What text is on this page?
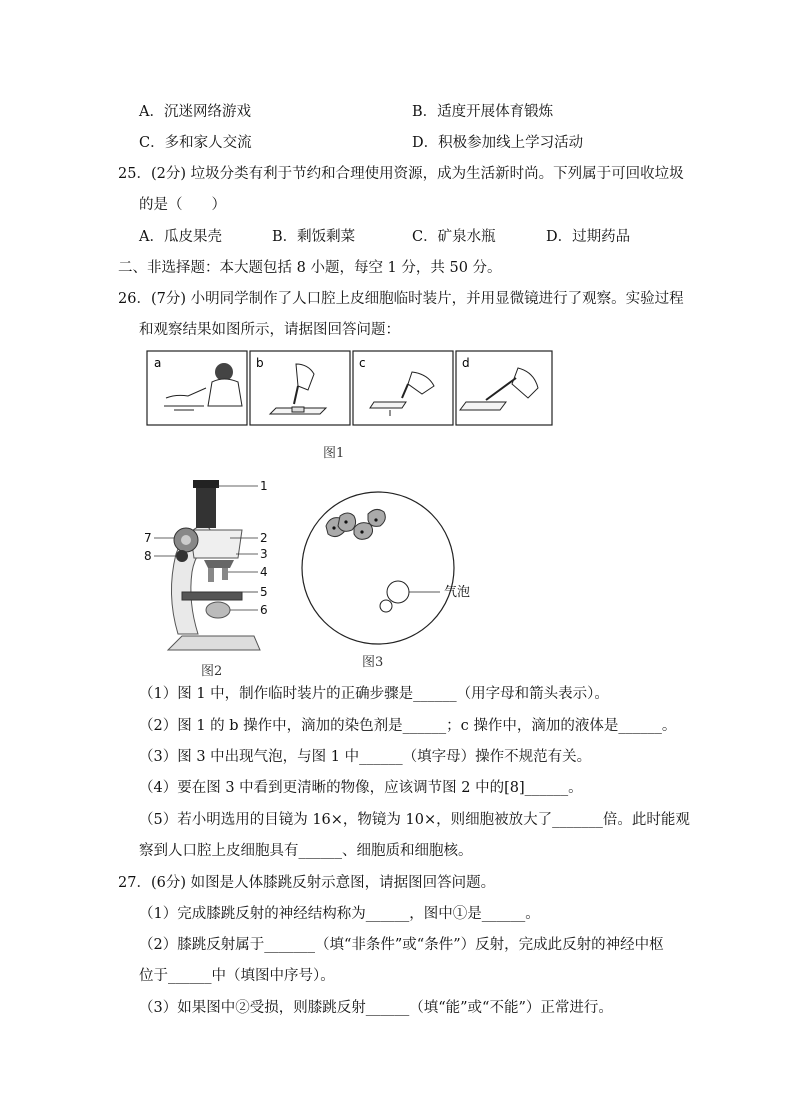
A．沉迷网络游戏	B．适度开展体育锻炼
C．多和家人交流	D．积极参加线上学习活动
25．(2分) 垃圾分类有利于节约和合理使用资源，成为生活新时尚。下列属于可回收垃圾
的是（　　）
A．瓜皮果壳	B．剩饭剩菜	C．矿泉水瓶	D．过期药品
二、非选择题：本大题包括 8 小题，每空 1 分，共 50 分。
26．(7分) 小明同学制作了人口腔上皮细胞临时装片，并用显微镜进行了观察。实验过程
和观察结果如图所示，请据图回答问题：
a	b	c	d
图1
1
2
3
4
5
6
7
8
图2
气泡
图3
（1）图 1 中，制作临时装片的正确步骤是______（用字母和箭头表示）。
（2）图 1 的 b 操作中，滴加的染色剂是______；c 操作中，滴加的液体是______。
（3）图 3 中出现气泡，与图 1 中______（填字母）操作不规范有关。
（4）要在图 3 中看到更清晰的物像，应该调节图 2 中的[8]______。
（5）若小明选用的目镜为 16×，物镜为 10×，则细胞被放大了_______倍。此时能观
察到人口腔上皮细胞具有______、细胞质和细胞核。
27．(6分) 如图是人体膝跳反射示意图，请据图回答问题。
（1）完成膝跳反射的神经结构称为______，图中①是______。
（2）膝跳反射属于_______（填“非条件”或“条件”）反射，完成此反射的神经中枢
位于______中（填图中序号）。
（3）如果图中②受损，则膝跳反射______（填“能”或“不能”）正常进行。
